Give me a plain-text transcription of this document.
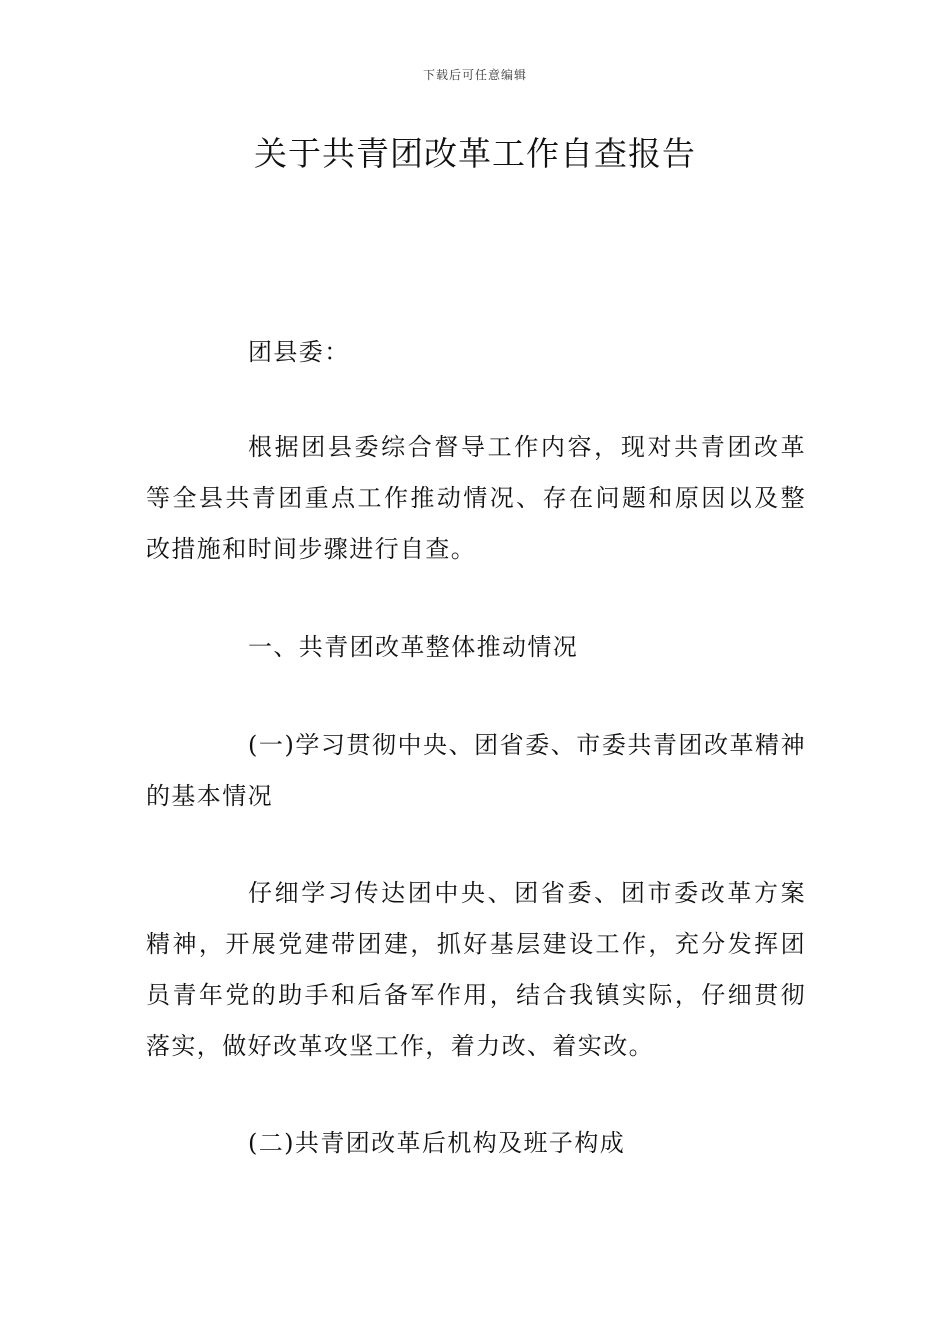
下载后可任意编辑
关于共青团改革工作自查报告
团县委：
根据团县委综合督导工作内容，现对共青团改革等全县共青团重点工作推动情况、存在问题和原因以及整改措施和时间步骤进行自查。
一、共青团改革整体推动情况
(一)学习贯彻中央、团省委、市委共青团改革精神的基本情况
仔细学习传达团中央、团省委、团市委改革方案精神，开展党建带团建，抓好基层建设工作，充分发挥团员青年党的助手和后备军作用，结合我镇实际，仔细贯彻落实，做好改革攻坚工作，着力改、着实改。
(二)共青团改革后机构及班子构成
